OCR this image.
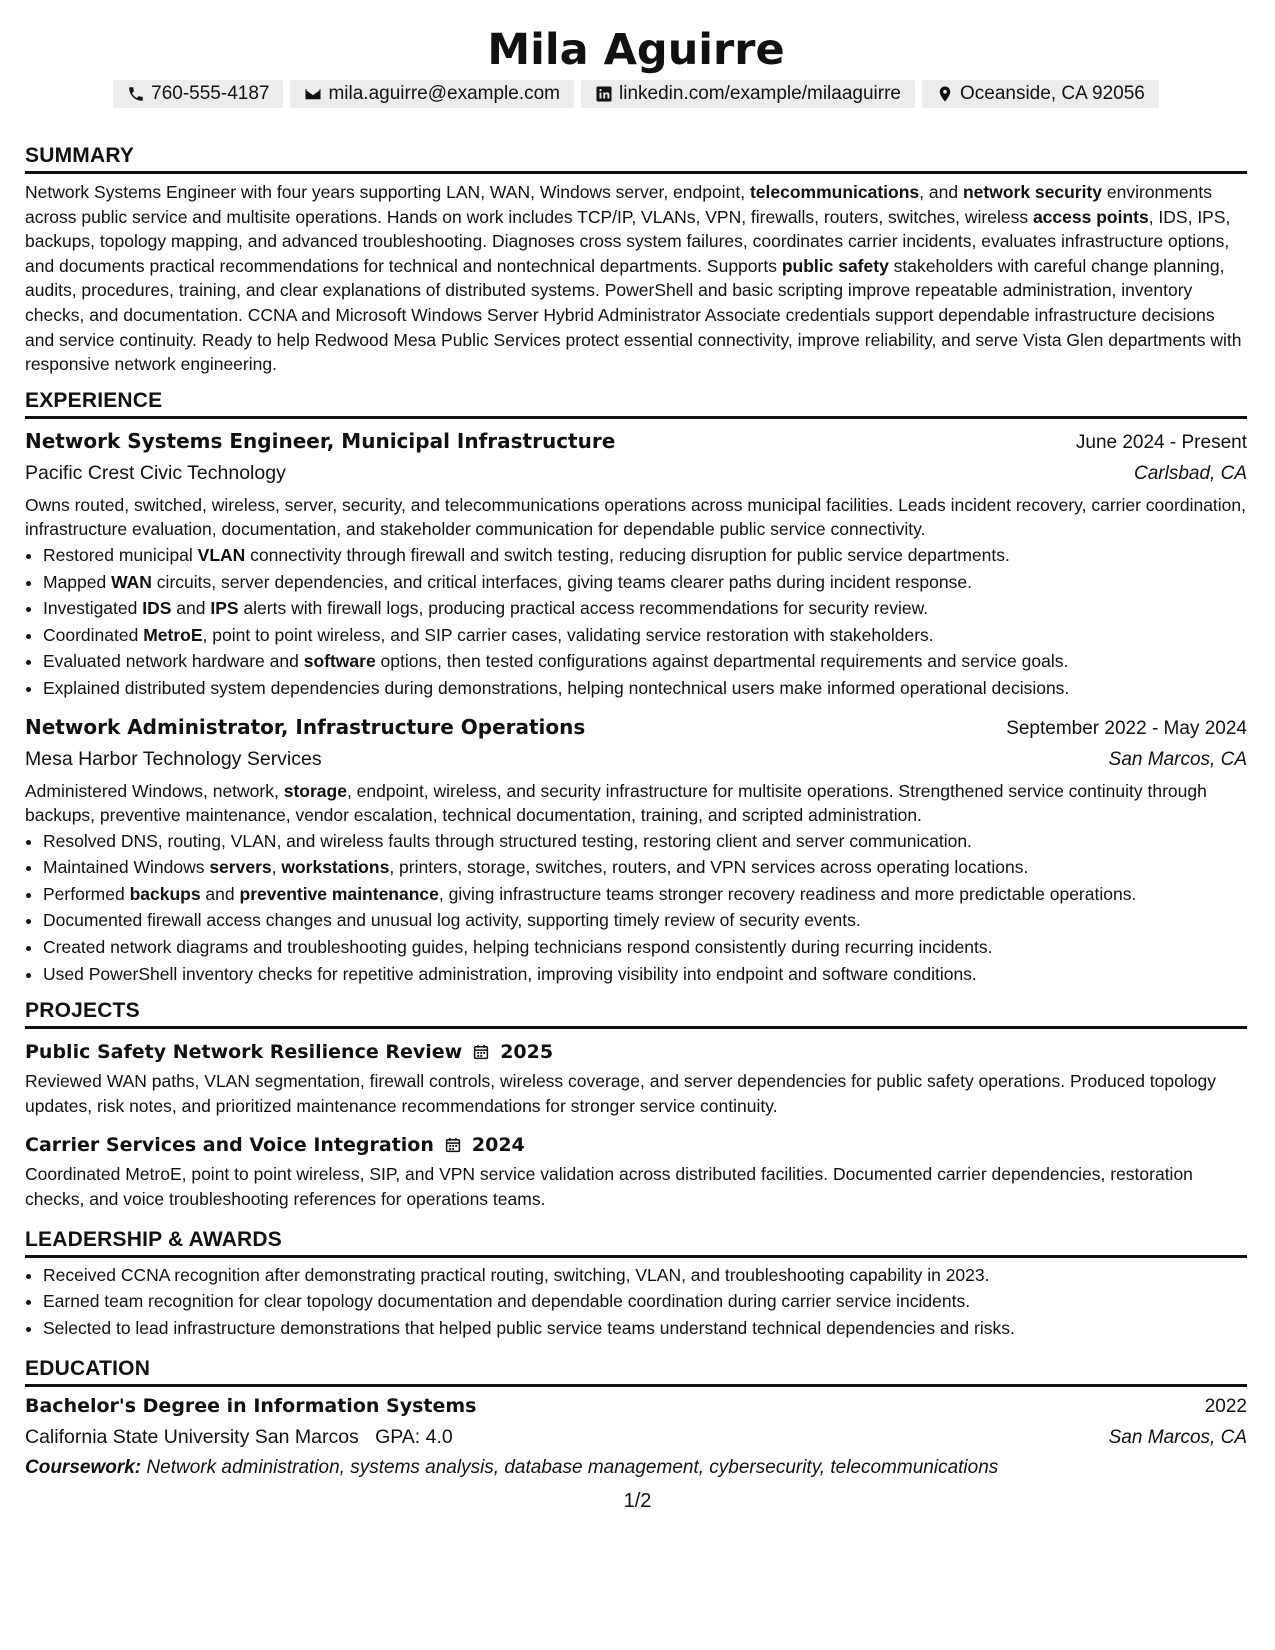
Mila Aguirre
760-555-4187	mila.aguirre@example.com	linkedin.com/example/milaaguirre	Oceanside, CA 92056
SUMMARY

Network Systems Engineer with four years supporting LAN, WAN, Windows server, endpoint, telecommunications, and network security environments across public service and multisite operations. Hands on work includes TCP/IP, VLANs, VPN, firewalls, routers, switches, wireless access points, IDS, IPS, backups, topology mapping, and advanced troubleshooting. Diagnoses cross system failures, coordinates carrier incidents, evaluates infrastructure options, and documents practical recommendations for technical and nontechnical departments. Supports public safety stakeholders with careful change planning, audits, procedures, training, and clear explanations of distributed systems. PowerShell and basic scripting improve repeatable administration, inventory checks, and documentation. CCNA and Microsoft Windows Server Hybrid Administrator Associate credentials support dependable infrastructure decisions and service continuity. Ready to help Redwood Mesa Public Services protect essential connectivity, improve reliability, and serve Vista Glen departments with responsive network engineering.

EXPERIENCE
Network Systems Engineer, Municipal Infrastructure	June 2024 - Present
Pacific Crest Civic Technology	Carlsbad, CA

Owns routed, switched, wireless, server, security, and telecommunications operations across municipal facilities. Leads incident recovery, carrier coordination, infrastructure evaluation, documentation, and stakeholder communication for dependable public service connectivity.

• Restored municipal VLAN connectivity through firewall and switch testing, reducing disruption for public service departments.
• Mapped WAN circuits, server dependencies, and critical interfaces, giving teams clearer paths during incident response.
• Investigated IDS and IPS alerts with firewall logs, producing practical access recommendations for security review.
• Coordinated MetroE, point to point wireless, and SIP carrier cases, validating service restoration with stakeholders.
• Evaluated network hardware and software options, then tested configurations against departmental requirements and service goals.
• Explained distributed system dependencies during demonstrations, helping nontechnical users make informed operational decisions.
Network Administrator, Infrastructure Operations	September 2022 - May 2024
Mesa Harbor Technology Services	San Marcos, CA

Administered Windows, network, storage, endpoint, wireless, and security infrastructure for multisite operations. Strengthened service continuity through backups, preventive maintenance, vendor escalation, technical documentation, training, and scripted administration.

• Resolved DNS, routing, VLAN, and wireless faults through structured testing, restoring client and server communication.
• Maintained Windows servers, workstations, printers, storage, switches, routers, and VPN services across operating locations.
• Performed backups and preventive maintenance, giving infrastructure teams stronger recovery readiness and more predictable operations.
• Documented firewall access changes and unusual log activity, supporting timely review of security events.
• Created network diagrams and troubleshooting guides, helping technicians respond consistently during recurring incidents.
• Used PowerShell inventory checks for repetitive administration, improving visibility into endpoint and software conditions.
PROJECTS
Public Safety Network Resilience Review 2025

Reviewed WAN paths, VLAN segmentation, firewall controls, wireless coverage, and server dependencies for public safety operations. Produced topology updates, risk notes, and prioritized maintenance recommendations for stronger service continuity.

Carrier Services and Voice Integration 2024

Coordinated MetroE, point to point wireless, SIP, and VPN service validation across distributed facilities. Documented carrier dependencies, restoration checks, and voice troubleshooting references for operations teams.

LEADERSHIP & AWARDS
• Received CCNA recognition after demonstrating practical routing, switching, VLAN, and troubleshooting capability in 2023.
• Earned team recognition for clear topology documentation and dependable coordination during carrier service incidents.
• Selected to lead infrastructure demonstrations that helped public service teams understand technical dependencies and risks.
EDUCATION
Bachelor's Degree in Information Systems	2022
California State University San Marcos GPA: 4.0	San Marcos, CA
Coursework: Network administration, systems analysis, database management, cybersecurity, telecommunications
1/2
